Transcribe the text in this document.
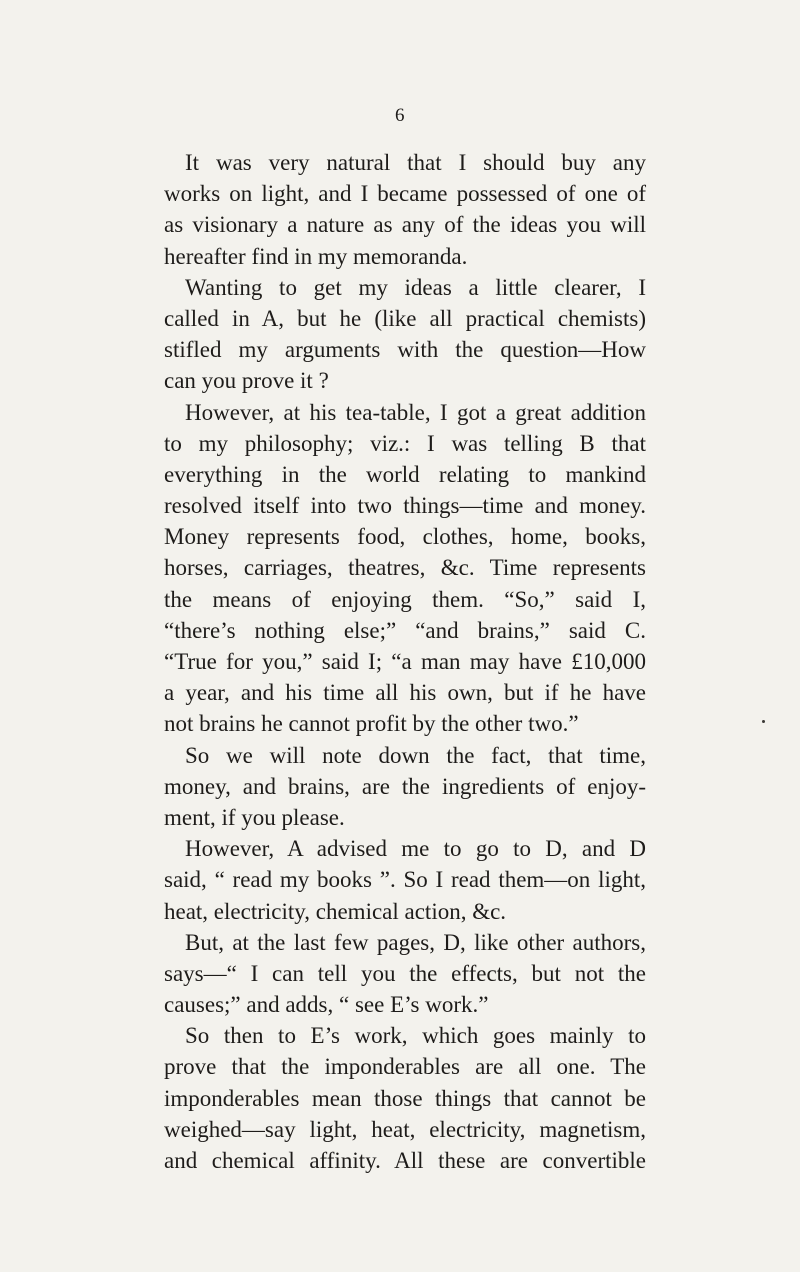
6
It was very natural that I should buy any
works on light, and I became possessed of one of
as visionary a nature as any of the ideas you will
hereafter find in my memoranda.
Wanting to get my ideas a little clearer, I
called in A, but he (like all practical chemists)
stifled my arguments with the question—How
can you prove it ?
However, at his tea-table, I got a great addition
to my philosophy; viz.: I was telling B that
everything in the world relating to mankind
resolved itself into two things—time and money.
Money represents food, clothes, home, books,
horses, carriages, theatres, &c. Time represents
the means of enjoying them. “So,” said I,
“there’s nothing else;” “and brains,” said C.
“True for you,” said I; “a man may have £10,000
a year, and his time all his own, but if he have
not brains he cannot profit by the other two.”
So we will note down the fact, that time,
money, and brains, are the ingredients of enjoy-
ment, if you please.
However, A advised me to go to D, and D
said, “ read my books ”. So I read them—on light,
heat, electricity, chemical action, &c.
But, at the last few pages, D, like other authors,
says—“ I can tell you the effects, but not the
causes;” and adds, “ see E’s work.”
So then to E’s work, which goes mainly to
prove that the imponderables are all one. The
imponderables mean those things that cannot be
weighed—say light, heat, electricity, magnetism,
and chemical affinity. All these are convertible
